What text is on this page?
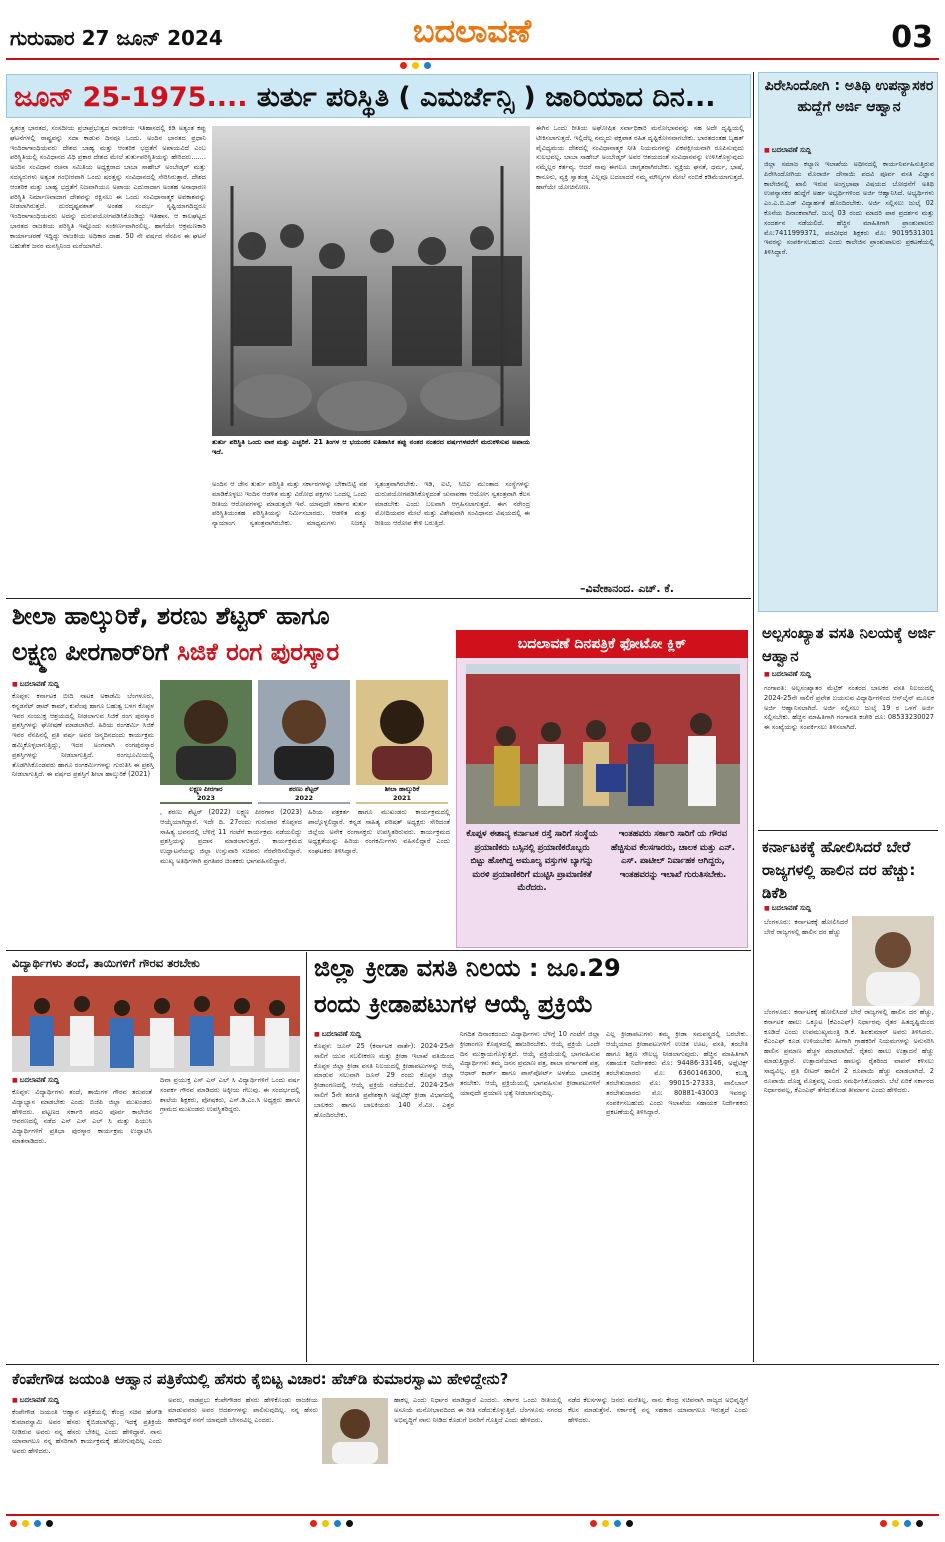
ಗುರುವಾರ 27 ಜೂನ್ 2024	ಬದಲಾವಣೆ	03
ಜೂನ್ 25-1975.... ತುರ್ತು ಪರಿಸ್ಥಿತಿ ( ಎಮರ್ಜೆನ್ಸಿ ) ಜಾರಿಯಾದ ದಿನ...
ಸ್ವತಂತ್ರ ಭಾರತದ, ಸಂಸದೀಯ ಪ್ರಜಾಪ್ರಭುತ್ವದ ರಾಜಕೀಯ ಇತಿಹಾಸದಲ್ಲಿ ಕಿಡಿ ಅತ್ಯಂತ ಕಪ್ಪು ಘಟನೆಗಳಲ್ಲಿ ರಾಷ್ಟ್ರವನ್ನು ಸದಾ ಕಾಡುವ ದಿನವೂ ಒಂದು. ಅಂದಿನ ಭಾರತದ ಪ್ರಧಾನಿ ಇಂದಿರಾಗಾಂಧಿಯವರು ದೇಶದ ಬಾಹ್ಯ ಮತ್ತು ಆಂತರಿಕ ಭದ್ರತೆಗೆ ಅಪಾಯವಿದೆ ಎಂಬ ಪರಿಸ್ಥಿತಿಯಲ್ಲಿ ಸಂವಿಧಾನದ ವಿಧಿ ಪ್ರಕಾರ ದೇಶದ ಮೇಲೆ ತುರ್ತುಪರಿಸ್ಥಿತಿಯನ್ನು ಹೇರಿದರು....... ಅಂದಿನ ಸಂವಿಧಾನ ರಚನಾ ಸಮಿತಿಯ ಅಧ್ಯಕ್ಷರಾದ ಬಾಬಾ ಸಾಹೇಬ್ ಅಂಬೇಡ್ಕರ್ ಮತ್ತು ಸದಸ್ಯರುಗಳು ಅತ್ಯಂತ ಗಂಭೀರವಾಗಿ ಒಂದು ಷರತ್ತನ್ನು ಸಂವಿಧಾನದಲ್ಲಿ ಸೇರಿಸಿರುತ್ತಾರೆ. ದೇಶದ ಆಂತರಿಕ ಮತ್ತು ಬಾಹ್ಯ ಭದ್ರತೆಗೆ ನಿಜವಾಗಿಯೂ ಅಪಾಯ ಎದುರಾದಾಗ ಅಂತಹ ಅಸಾಧಾರಣ ಪರಿಸ್ಥಿತಿ ನಿರ್ಮಾಣವಾದಾಗ ದೇಶವನ್ನು ರಕ್ಷಿಸಲು ಈ ಒಂದು ಸಂವಿಧಾನಾತ್ಮಕ ಅವಕಾಶವನ್ನು ನೀಡಲಾಗಿರುತ್ತದೆ. ದುರದೃಷ್ಟವಶಾತ್ ಅಂತಹ ಸಂದರ್ಭ ಸೃಷ್ಟಿಯಾಗದಿದ್ದರೂ ಇಂದಿರಾಗಾಂಧಿಯವರು ಅದನ್ನು ದುರುಪಯೋಗಪಡಿಸಿಕೊಂಡಿದ್ದು ಇತಿಹಾಸ. ಆ ಕಾಲಘಟ್ಟದ ಭಾರತದ ರಾಜಕೀಯ ಪರಿಸ್ಥಿತಿ ಇಷ್ಟೊಂದು ಸಂಕೀರ್ಣವಾಗಿರಲಿಲ್ಲ. ಹಾಗೆಯೇ ಆಕ್ರಮಣಕಾರಿ ಕಾರ್ಯಾಚರಣೆ ಇದ್ದಿದ್ದು ರಾಜಕೀಯ ಅಧಿಕಾರ ದಾಹ. 50 ನೇ ವರ್ಷದ ನೆನಪಿನ ಈ ಘಟನೆ ಬಹುತೇಕ ಜನರ ಮನಸ್ಸಿನಿಂದ ಮರೆಯಾಗಿದೆ.
ತುರ್ತು ಪರಿಸ್ಥಿತಿ ಒಂದು ವಾಕ ಮತ್ತು ಎಚ್ಚರಿಕೆ. 21 ತಿಂಗಳ ಆ ಭಯಂಕರ ಐತಿಹಾಸಿಕ ತಪ್ಪು ನಂತರ ನಂತರದ ವರ್ಷಗಳವರೆಗೆ ಮರುಕಳಿಸುವ ಅಪಾಯ ಇದೆ.
ಅಂದಿನ ಆ ಜೇನ ತುರ್ತು ಪರಿಸ್ಥಿತಿ ಮತ್ತು ಸರ್ಕಾರಗಳನ್ನು ಬೇಕಾಬಿಟ್ಟಿ ವಶ ಮಾಡಿಕೊಳ್ಳಲು ಇಂದಿನ ಆಡಳಿತ ಮತ್ತು ವಿರೋಧ ಪಕ್ಷಗಳು ಒಂದಲ್ಲ ಒಂದು ರೀತಿಯ ಆರೋಪಗಳನ್ನು ಮಾಡುತ್ತಲೇ ಇವೆ. ಯಾವುದೇ ಸರ್ಕಾರ ತುರ್ತು ಪರಿಸ್ಥಿತಿಯಂತಹ ಪರಿಸ್ಥಿತಿಯನ್ನು ನಿರ್ಮಿಸಬಾರದು. ಆಡಳಿತ ಮತ್ತು ನ್ಯಾಯಾಂಗ ಸ್ವತಂತ್ರವಾಗಿರಬೇಕು. ಮಾಧ್ಯಮಗಳು ನಿಜಕ್ಕೂ ಸ್ವತಂತ್ರವಾಗಿರಬೇಕು. ಇಡಿ, ಐಟಿ, ಸಿಬಿಐ ಮುಂತಾದ ಸಂಸ್ಥೆಗಳನ್ನು ದುರುಪಯೋಗಪಡಿಸಿಕೊಳ್ಳದಂತೆ ಚುನಾವಣಾ ಆಯೋಗ ಸ್ವತಂತ್ರವಾಗಿ ಕೆಲಸ ಮಾಡಬೇಕು ಎಂದು ಬಲವಾಗಿ ಆಗ್ರಹಿಸಲಾಗುತ್ತದೆ. ಈಗ ನರೇಂದ್ರ ಮೋದಿಯವರ ಮೇಲೆ ಮತ್ತು ವಿಶೇಷವಾಗಿ ಸಂವಿಧಾನದ ವಿಷಯದಲ್ಲಿ ಈ ರೀತಿಯ ಆರೋಪ ಕೇಳಿ ಬರುತ್ತಿದೆ.
ಈಗಿನ ಒಂದು ರೀತಿಯ ಅಘೋಷಿತ ಸರ್ವಾಧಿಕಾರಿ ಮನೋಭಾವವನ್ನು ಸಹ ಅದೇ ದೃಷ್ಟಿಯಲ್ಲಿ ಟೀಕಿಸಲಾಗುತ್ತದೆ. ಇಲ್ಲಿದೆಲ್ಲ ನಮ್ಮದು ಪಕ್ಷಪಾತ ರಹಿತ ದೃಷ್ಟಿಕೋನವಾಗಬೇಕು. ಭಾರತದಂತಹ ಬೃಹತ್ ವೈವಿಧ್ಯಮಯ ದೇಶದಲ್ಲಿ ಸಂವಿಧಾನಾತ್ಮಕ ನೀತಿ ನಿಯಮಗಳನ್ನು ಏಕಪಕ್ಷೀಯವಾಗಿ ರೂಪಿಸುವುದು ಸುಲಭವಲ್ಲ. ಬಾಬಾ ಸಾಹೇಬ್ ಅಂಬೇಡ್ಕರ್ ಅವರ ಆಶಯದಂತೆ ಸಂವಿಧಾನವನ್ನು ಉಳಿಸಿಕೊಳ್ಳುವುದು ನಮ್ಮೆಲ್ಲರ ಕರ್ತವ್ಯ. ಆದರೆ ನಾವು ಈಗಲೂ ಜಾಗೃತರಾಗಿರಬೇಕು. ವ್ಯಕ್ತಿಯ ಘನತೆ, ಧರ್ಮ, ಭಾಷೆ, ಕಾನೂನು, ವ್ಯಕ್ತಿ ಸ್ವಾತಂತ್ರ್ಯ ಎಲ್ಲವೂ ಬದಲಾದರೆ ನಮ್ಮ ಮೌಲ್ಯಗಳ ಮೇಲೆ ನಂಬಿಕೆ ಕಡಿಮೆಯಾಗುತ್ತದೆ. ಹಾಗೆಯೇ ಯೋಚಿಸೋಣ.
–ವಿವೇಕಾನಂದ. ಎಚ್. ಕೆ.
ಪಿರೇಸಿಂದೋಗಿ : ಅತಿಥಿ ಉಪನ್ಯಾಸಕರ ಹುದ್ದೆಗೆ ಅರ್ಜಿ ಆಹ್ವಾನ
■ ಬದಲಾವಣೆ ಸುದ್ದಿ
ಜಿಲ್ಲಾ ಸಮಾಜ ಕಲ್ಯಾಣ ಇಲಾಖೆಯ ಅಧೀನದಲ್ಲಿ ಕಾರ್ಯನಿರ್ವಹಿಸುತ್ತಿರುವ ಪಿರೇಸಿಂದೋಗಿಯ ಮೊರಾರ್ಜಿ ದೇಸಾಯಿ ಪದವಿ ಪೂರ್ವ ವಸತಿ ವಿಜ್ಞಾನ ಕಾಲೇಜಿನಲ್ಲಿ ಖಾಲಿ ಇರುವ ಅಂಗ್ಲಭಾಷಾ ವಿಷಯದ ಬೋಧನೆಗೆ ಅತಿಥಿ ಉಪನ್ಯಾಸಕರ ಹುದ್ದೆಗೆ ಅರ್ಹ ಅಭ್ಯರ್ಥಿಗಳಿಂದ ಅರ್ಜಿ ಆಹ್ವಾನಿಸಿದೆ. ಅಭ್ಯರ್ಥಿಗಳು ಎಂ.ಎ.ಬಿ.ಎಡ್ ವಿದ್ಯಾರ್ಹತೆ ಹೊಂದಿರಬೇಕು. ಅರ್ಜಿ ಸಲ್ಲಿಸಲು ಜುಲೈ 02 ಕೊನೆಯ ದಿನಾಂಕವಾಗಿದೆ. ಜುಲೈ 03 ರಂದು ಮಾದರಿ ಪಾಠ ಪ್ರದರ್ಶನ ಮತ್ತು ಸಂದರ್ಶನ ನಡೆಯಲಿದೆ. ಹೆಚ್ಚಿನ ಮಾಹಿತಿಗಾಗಿ ಪ್ರಾಂಶುಪಾಲರು ಮೊ:7411999371, ಪದವೀಧರ ಶಿಕ್ಷಕರು ಮೊ: 9019531301 ಇವರನ್ನು ಸಂಪರ್ಕಿಸಬಹುದು ಎಂದು ಕಾಲೇಜಿನ ಪ್ರಾಂಶುಪಾಲರು ಪ್ರಕಟಣೆಯಲ್ಲಿ ತಿಳಿಸಿದ್ದಾರೆ.
ಅಲ್ಪಸಂಖ್ಯಾತ ವಸತಿ ನಿಲಯಕ್ಕೆ ಅರ್ಜಿ ಆಹ್ವಾನ
■ ಬದಲಾವಣೆ ಸುದ್ದಿ
ಗಂಗಾವತಿ: ಅಲ್ಪಸಂಖ್ಯಾತರ ಮೆಟ್ರಿಕ್ ನಂತರದ ಬಾಲಕರ ವಸತಿ ನಿಲಯದಲ್ಲಿ 2024-25ನೇ ಸಾಲಿಗೆ ಪ್ರವೇಶ ಬಯಸುವ ವಿದ್ಯಾರ್ಥಿಗಳಿಂದ ಆನ್‌ಲೈನ್ ಮೂಲಕ ಅರ್ಜಿ ಆಹ್ವಾನಿಸಲಾಗಿದೆ. ಅರ್ಜಿ ಸಲ್ಲಿಸಲು ಜುಲೈ 19 ರ ಒಳಗೆ ಅರ್ಜಿ ಸಲ್ಲಿಸಬೇಕು. ಹೆಚ್ಚಿನ ಮಾಹಿತಿಗಾಗಿ ಗಂಗಾವತಿ ಕಚೇರಿ ದೂ: 08533230027 ಈ ಸಂಖ್ಯೆಯನ್ನು ಸಂಪರ್ಕಿಸಲು ತಿಳಿಸಲಾಗಿದೆ.
ಕರ್ನಾಟಕಕ್ಕೆ ಹೋಲಿಸಿದರೆ ಬೇರೆ ರಾಜ್ಯಗಳಲ್ಲಿ ಹಾಲಿನ ದರ ಹೆಚ್ಚು: ಡಿಕೆಶಿ
■ ಬದಲಾವಣೆ ಸುದ್ದಿ
ಬೆಂಗಳೂರು: ಕರ್ನಾಟಕಕ್ಕೆ ಹೋಲಿಸಿದರೆ ಬೇರೆ ರಾಜ್ಯಗಳಲ್ಲಿ ಹಾಲಿನ ದರ ಹೆಚ್ಚು
ಬೆಂಗಳೂರು: ಕರ್ನಾಟಕಕ್ಕೆ ಹೋಲಿಸಿದರೆ ಬೇರೆ ರಾಜ್ಯಗಳಲ್ಲಿ ಹಾಲಿನ ದರ ಹೆಚ್ಚು, ಕರ್ನಾಟಕ ಹಾಲು ಒಕ್ಕೂಟ (ಕೆಎಂಎಫ್) ನಿರ್ಧಾರವು ರೈತರ ಹಿತದೃಷ್ಟಿಯಿಂದ ಕೂಡಿದೆ ಎಂದು ಉಪಮುಖ್ಯಮಂತ್ರಿ ಡಿ.ಕೆ. ಶಿವಕುಮಾರ್ ಅವರು ತಿಳಿಸಿದರು. ಕೆಎಂಎಫ್ ಕೂಡ ಉಳಿಯಬೇಕು ಹೀಗಾಗಿ ಗ್ರಾಹಕರಿಗೆ ನಿಯಮಗಳನ್ನು ಅನುಸರಿಸಿ ಹಾಲಿನ ಪ್ರಮಾಣ ಹೆಚ್ಚಳ ಮಾಡಲಾಗಿದೆ. ರೈತರು ಹಾಲು ಉತ್ಪಾದನೆ ಹೆಚ್ಚು ಮಾಡುತ್ತಿದ್ದಾರೆ. ಉತ್ಪಾದನೆಯಾದ ಹಾಲನ್ನು ರೈತರಿಂದ ವಾಪಸ್ ಕಳಿಸಲು ಸಾಧ್ಯವಿಲ್ಲ. ಪ್ರತಿ ಲೀಟರ್ ಹಾಲಿಗೆ 2 ರೂಪಾಯಿ ಹೆಚ್ಚು ಮಾಡಲಾಗಿದೆ. 2 ರೂಪಾಯಿ ದೊಡ್ಡ ಮೊತ್ತವಲ್ಲ ಎಂದು ಸಮರ್ಥಿಸಿಕೊಂಡರು. ಬೆಲೆ ಏರಿಕೆ ಸರ್ಕಾರದ ನಿರ್ಧಾರವಲ್ಲ, ಕೆಎಂಎಫ್ ತೆಗೆದುಕೊಂಡ ತೀರ್ಮಾನ ಎಂದು ಹೇಳಿದರು.
ಶೀಲಾ ಹಾಲ್ಕುರಿಕೆ, ಶರಣು ಶೆಟ್ಟರ್ ಹಾಗೂ
ಲಕ್ಷ್ಮಣ ಪೀರಗಾರ್‌ರಿಗೆ ಸಿಜಿಕೆ ರಂಗ ಪುರಸ್ಕಾರ
■ ಬದಲಾವಣೆ ಸುದ್ದಿ
ಕೊಪ್ಪಳ: ಕರ್ನಾಟಕ ಬೀದಿ ನಾಟಕ ಅಕಾಡೆಮಿ ಬೆಂಗಳೂರು, ಕನ್ನಡನೆಟ್ ಡಾಟ್ ಕಾಮ್, ಕುವೆಂಪು ಹಾಗೂ ಬಹುತ್ವ ಬಳಗ ಕೊಪ್ಪಳ ಇವರ ಸಂಯುಕ್ತ ಆಶ್ರಯದಲ್ಲಿ ನೀಡಲಾಗುವ ಸಿಜಿಕೆ ರಂಗ ಪುರಸ್ಕಾರ ಪ್ರಶಸ್ತಿಗಳನ್ನು ಘೋಷಣೆ ಮಾಡಲಾಗಿದೆ. ಹಿರಿಯ ರಂಗಕರ್ಮಿ ಸಿಜಿಕೆ ಇವರ ನೆನಪಿನಲ್ಲಿ ಪ್ರತಿ ವರ್ಷ ಅವರ ಜನ್ಮದಿನದಂದು ಕಾರ್ಯಕ್ರಮ ಹಮ್ಮಿಕೊಳ್ಳಲಾಗುತ್ತಿದ್ದು, ಇದರ ಅಂಗವಾಗಿ ರಂಗಪುರಸ್ಕಾರ ಪ್ರಶಸ್ತಿಗಳನ್ನು ನೀಡಲಾಗುತ್ತಿದೆ. ರಂಗಭೂಮಿಯಲ್ಲಿ ತೊಡಗಿಸಿಕೊಂಡವರು ಹಾಗೂ ರಂಗಕರ್ಮಿಗಳನ್ನು ಗುರುತಿಸಿ ಈ ಪ್ರಶಸ್ತಿ ನೀಡಲಾಗುತ್ತಿದೆ. ಈ ವರ್ಷದ ಪ್ರಶಸ್ತಿಗೆ ಶೀಲಾ ಹಾಲ್ಕುರಿಕೆ (2021)
ಲಕ್ಷ್ಮಣ ಪೀರಗಾರ
2023
ಶರಣು ಶೆಟ್ಟರ್
2022
ಶೀಲಾ ಹಾಲ್ಕುರಿಕೆ
2021
, ಶರಣು ಶೆಟ್ಟರ್ (2022) ಲಕ್ಷ್ಮಣ ಪೀರಗಾರ (2023) ಆಯ್ಕೆಯಾಗಿದ್ದಾರೆ. ಇದೇ ದಿ. 27ರಂದು ಗುರುವಾರ ಕೊಪ್ಪಳದ ಸಾಹಿತ್ಯ ಭವನದಲ್ಲಿ ಬೆಳಿಗ್ಗೆ 11 ಗಂಟೆಗೆ ಕಾರ್ಯಕ್ರಮ ನಡೆಯಲಿದ್ದು ಪ್ರಶಸ್ತಿಯನ್ನು ಪ್ರದಾನ ಮಾಡಲಾಗುತ್ತದೆ. ಕಾರ್ಯಕ್ರಮದ ಉದ್ಘಾಟನೆಯನ್ನು ಜಿಲ್ಲಾ ಉಸ್ತುವಾರಿ ಸಚಿವರು ನೆರವೇರಿಸಲಿದ್ದಾರೆ. ಮುಖ್ಯ ಅತಿಥಿಗಳಾಗಿ ಪ್ರಗತಿಪರ ಚಿಂತಕರು ಭಾಗವಹಿಸಲಿದ್ದಾರೆ.
ಹಿರಿಯ ಪತ್ರಕರ್ತ ಹಾಗೂ ಮುಖಂಡರು ಕಾರ್ಯಕ್ರಮದಲ್ಲಿ ಪಾಲ್ಗೊಳ್ಳಲಿದ್ದಾರೆ. ಕನ್ನಡ ಸಾಹಿತ್ಯ ಪರಿಷತ್ ಅಧ್ಯಕ್ಷರು ಸೇರಿದಂತೆ ಜಿಲ್ಲೆಯ ಅನೇಕ ರಂಗಾಸಕ್ತರು ಉಪಸ್ಥಿತರಿರುವರು. ಕಾರ್ಯಕ್ರಮದ ಅಧ್ಯಕ್ಷತೆಯನ್ನು ಹಿರಿಯ ರಂಗಕರ್ಮಿಗಳು ವಹಿಸಲಿದ್ದಾರೆ ಎಂದು ಸಂಘಟಕರು ತಿಳಿಸಿದ್ದಾರೆ.
ಬದಲಾವಣೆ ದಿನಪತ್ರಿಕೆ ಫೋಟೋ ಕ್ಲಿಕ್
ಕೊಪ್ಪಳ ಈಶಾನ್ಯ ಕರ್ನಾಟಕ ರಸ್ತೆ ಸಾರಿಗೆ ಸಂಸ್ಥೆಯ ಪ್ರಯಾಣಿಕರು ಬಸ್ಸಿನಲ್ಲಿ ಪ್ರಯಾಣಿಕರೊಬ್ಬರು ಬಿಟ್ಟು ಹೋಗಿದ್ದ ಅಮೂಲ್ಯ ವಸ್ತುಗಳ ಬ್ಯಾಗನ್ನು ಮರಳಿ ಪ್ರಯಾಣಿಕರಿಗೆ ಮುಟ್ಟಿಸಿ ಪ್ರಾಮಾಣಿಕತೆ ಮೆರೆದರು.
ಇಂತಹವರು ಸರ್ಕಾರಿ ಸಾರಿಗೆ ಯ ಗೌರವ ಹೆಚ್ಚಿಸುವ ಕೆಲಸಗಾರರು, ಚಾಲಕ ಮತ್ತು ಎನ್. ಎಸ್. ಪಾಟೀಲ್ ನಿರ್ವಾಹಕ ಆಗಿದ್ದರು, ಇಂತಹವರನ್ನು ಇಲಾಖೆ ಗುರುತಿಸಬೇಕು.
ವಿದ್ಯಾರ್ಥಿಗಳು ತಂದೆ, ತಾಯಿಗಳಿಗೆ ಗೌರವ ತರಬೇಕು
■ ಬದಲಾವಣೆ ಸುದ್ದಿ
ಕೊಪ್ಪಳ: ವಿದ್ಯಾರ್ಥಿಗಳು ತಂದೆ, ತಾಯಿಗಳ ಗೌರವ ತರುವಂತೆ ವಿದ್ಯಾಭ್ಯಾಸ ಮಾಡಬೇಕು ಎಂದು ಬಿಜೆಪಿ ಜಿಲ್ಲಾ ಮುಖಂಡರು ಹೇಳಿದರು. ಪಟ್ಟಣದ ಸರ್ಕಾರಿ ಪದವಿ ಪೂರ್ವ ಕಾಲೇಜಿನ ಆವರಣದಲ್ಲಿ ನಡೆದ ಎಸ್ ಎಸ್ ಎಲ್ ಸಿ ಮತ್ತು ಪಿಯುಸಿ ವಿದ್ಯಾರ್ಥಿಗಳಿಗೆ ಪ್ರತಿಭಾ ಪುರಸ್ಕಾರ ಕಾರ್ಯಕ್ರಮ ಉದ್ಘಾಟಿಸಿ ಮಾತನಾಡಿದರು.
ದಿವಾ ಪ್ರಯುಕ್ತ ಎಸ್ ಎಸ್ ಎಲ್ ಸಿ ವಿದ್ಯಾರ್ಥಿಗಳಿಗೆ ಒಂದು ವರ್ಷ ಸಂಪರ್ಕ ಗೌರವ ಮಾಡಿದರು ಅಕ್ಕೀಯ ಗೆಲುವು. ಈ ಸಂದರ್ಭದಲ್ಲಿ ಶಾಲೆಯ ಶಿಕ್ಷಕರು, ಪೋಷಕರು, ಎಸ್.ಡಿ.ಎಂ.ಸಿ ಅಧ್ಯಕ್ಷರು ಹಾಗೂ ಗ್ರಾಮದ ಮುಖಂಡರು ಉಪಸ್ಥಿತರಿದ್ದರು.
ಜಿಲ್ಲಾ ಕ್ರೀಡಾ ವಸತಿ ನಿಲಯ : ಜೂ.29
ರಂದು ಕ್ರೀಡಾಪಟುಗಳ ಆಯ್ಕೆ ಪ್ರಕ್ರಿಯೆ
■ ಬದಲಾವಣೆ ಸುದ್ದಿ
ಕೊಪ್ಪಳ: ಜೂನ್ 25 (ಕರ್ನಾಟಕ ವಾರ್ತೆ): 2024-25ನೇ ಸಾಲಿಗೆ ಯುವ ಸಬಲೀಕರಣ ಮತ್ತು ಕ್ರೀಡಾ ಇಲಾಖೆ ವತಿಯಿಂದ ಕೊಪ್ಪಳ ಜಿಲ್ಲಾ ಕ್ರೀಡಾ ವಸತಿ ನಿಲಯದಲ್ಲಿ ಕ್ರೀಡಾಪಟುಗಳನ್ನು ಆಯ್ಕೆ ಮಾಡುವ ಸಲುವಾಗಿ ಜೂನ್ 29 ರಂದು ಕೊಪ್ಪಳ ಜಿಲ್ಲಾ ಕ್ರೀಡಾಂಗಣದಲ್ಲಿ ಆಯ್ಕೆ ಪ್ರಕ್ರಿಯೆ ನಡೆಯಲಿದೆ. 2024-25ನೇ ಸಾಲಿಗೆ 5ನೇ ತರಗತಿ ಪ್ರವೇಶಕ್ಕಾಗಿ ಅಥ್ಲೆಟಿಕ್ಸ್ ಕ್ರೀಡಾ ವಿಭಾಗದಲ್ಲಿ ಬಾಲಕರು ಹಾಗೂ ಬಾಲಕಿಯರು 140 ಸೆ.ಮೀ. ಎತ್ತರ ಹೊಂದಿರಬೇಕು.
ನಿಗದಿತ ದಿನಾಂಕದಂದು ವಿದ್ಯಾರ್ಥಿಗಳು ಬೆಳಿಗ್ಗೆ 10 ಗಂಟೆಗೆ ಜಿಲ್ಲಾ ಕ್ರೀಡಾಂಗಣ ಕೊಪ್ಪಳದಲ್ಲಿ ಹಾಜರಿರಬೇಕು. ಆಯ್ಕೆ ಪ್ರಕ್ರಿಯೆ ಒಂದೇ ದಿನ ಮುಕ್ತಾಯಗೊಳ್ಳುತ್ತದೆ. ಆಯ್ಕೆ ಪ್ರಕ್ರಿಯೆಯಲ್ಲಿ ಭಾಗವಹಿಸುವ ವಿದ್ಯಾರ್ಥಿಗಳು ತಮ್ಮ ಜನನ ಪ್ರಮಾಣ ಪತ್ರ, ಶಾಲಾ ವರ್ಗಾವಣೆ ಪತ್ರ, ಆಧಾರ್ ಕಾರ್ಡ್ ಹಾಗೂ ಪಾಸ್‌ಪೋರ್ಟ್ ಅಳತೆಯ ಭಾವಚಿತ್ರ ತರಬೇಕು. ಆಯ್ಕೆ ಪ್ರಕ್ರಿಯೆಯಲ್ಲಿ ಭಾಗವಹಿಸುವ ಕ್ರೀಡಾಪಟುಗಳಿಗೆ ಯಾವುದೇ ಪ್ರಯಾಣ ಭತ್ಯೆ ನೀಡಲಾಗುವುದಿಲ್ಲ.
ಎಲ್ಲ ಕ್ರೀಡಾಪಟುಗಳು ತಮ್ಮ ಕ್ರೀಡಾ ಸಮವಸ್ತ್ರದಲ್ಲಿ ಬರಬೇಕು. ಆಯ್ಕೆಯಾದ ಕ್ರೀಡಾಪಟುಗಳಿಗೆ ಉಚಿತ ಊಟ, ವಸತಿ, ತರಬೇತಿ ಹಾಗೂ ಶಿಕ್ಷಣ ಸೌಲಭ್ಯ ನೀಡಲಾಗುವುದು. ಹೆಚ್ಚಿನ ಮಾಹಿತಿಗಾಗಿ ಸಹಾಯಕ ನಿರ್ದೇಶಕರು ಮೊ: 94486-33146, ಅಥ್ಲೆಟಿಕ್ಸ್ ತರಬೇತುದಾರರು ಮೊ: 6360146300, ಕಬಡ್ಡಿ ತರಬೇತುದಾರರು ಮೊ: 99015-27333, ವಾಲಿಬಾಲ್ ತರಬೇತುದಾರರು ಮೊ: 80881-43003 ಇವರನ್ನು ಸಂಪರ್ಕಿಸಬಹುದು ಎಂದು ಇಲಾಖೆಯ ಸಹಾಯಕ ನಿರ್ದೇಶಕರು ಪ್ರಕಟಣೆಯಲ್ಲಿ ತಿಳಿಸಿದ್ದಾರೆ.
ಕೆಂಪೇಗೌಡ ಜಯಂತಿ ಆಹ್ವಾನ ಪತ್ರಿಕೆಯಲ್ಲಿ ಹೆಸರು ಕೈಬಿಟ್ಟ ವಿಚಾರ: ಹೆಚ್‌ಡಿ ಕುಮಾರಸ್ವಾಮಿ ಹೇಳಿದ್ದೇನು?
■ ಬದಲಾವಣೆ ಸುದ್ದಿ
ಕೆಂಪೇಗೌಡ ಜಯಂತಿ ಆಹ್ವಾನ ಪತ್ರಿಕೆಯಲ್ಲಿ ಕೇಂದ್ರ ಸಚಿವ ಹೆಚ್‌ಡಿ ಕುಮಾರಸ್ವಾಮಿ ಅವರ ಹೆಸರು ಕೈಬಿಡಲಾಗಿದ್ದು, ಇದಕ್ಕೆ ಪ್ರತಿಕ್ರಿಯೆ ನೀಡಿರುವ ಅವರು ನನ್ನ ಹೆಸರು ಬೇಕಿಲ್ಲ ಎಂದು ಹೇಳಿದ್ದಾರೆ. ನಾನು ಯಾವಾಗಲೂ ನನ್ನ ಹೆಸರಿಗಾಗಿ ಕಾರ್ಯಕ್ರಮಕ್ಕೆ ಹೋಗುವುದಿಲ್ಲ ಎಂದು ಅವರು ಹೇಳಿದರು.
ಅವರು, ನಾಡಪ್ರಭು ಕೆಂಪೇಗೌಡರ ಹೆಸರು ಹೇಳಿಕೊಂಡು ರಾಜಕೀಯ ಮಾಡುವವರು ಅವರ ಆದರ್ಶಗಳನ್ನು ಪಾಲಿಸುವುದಿಲ್ಲ. ನನ್ನ ಹೆಸರು ಹಾಕದಿದ್ದರೆ ನನಗೆ ಯಾವುದೇ ಬೇಸರವಿಲ್ಲ ಎಂದರು.
ಹಾಕಲ್ಲ ಎಂದು ನಿರ್ಧಾರ ಮಾಡಿದ್ದಾರೆ ಎಂದರು. ಸರ್ಕಾರ ಒಂದು ರೀತಿಯಲ್ಲಿ ಅಸೂಯೆ ಮನೋಭಾವದಿಂದ ಈ ರೀತಿ ನಡೆದುಕೊಳ್ಳುತ್ತಿದೆ. ಬೆಂಗಳೂರು ನಗರದ ಅಭಿವೃದ್ಧಿಗೆ ನಾನು ನೀಡಿದ ಕೊಡುಗೆ ಜನರಿಗೆ ಗೊತ್ತಿದೆ ಎಂದು ಹೇಳಿದರು.
ನಡೆದ ಕೆಲಸಗಳನ್ನು ಜನರು ಮರೆತಿಲ್ಲ. ನಾನು ಕೇಂದ್ರ ಸಚಿವನಾಗಿ ರಾಜ್ಯದ ಅಭಿವೃದ್ಧಿಗೆ ಕೆಲಸ ಮಾಡುತ್ತೇನೆ. ಸರ್ಕಾರಕ್ಕೆ ನನ್ನ ಸಹಕಾರ ಯಾವಾಗಲೂ ಇರುತ್ತದೆ ಎಂದು ಹೇಳಿದರು.
